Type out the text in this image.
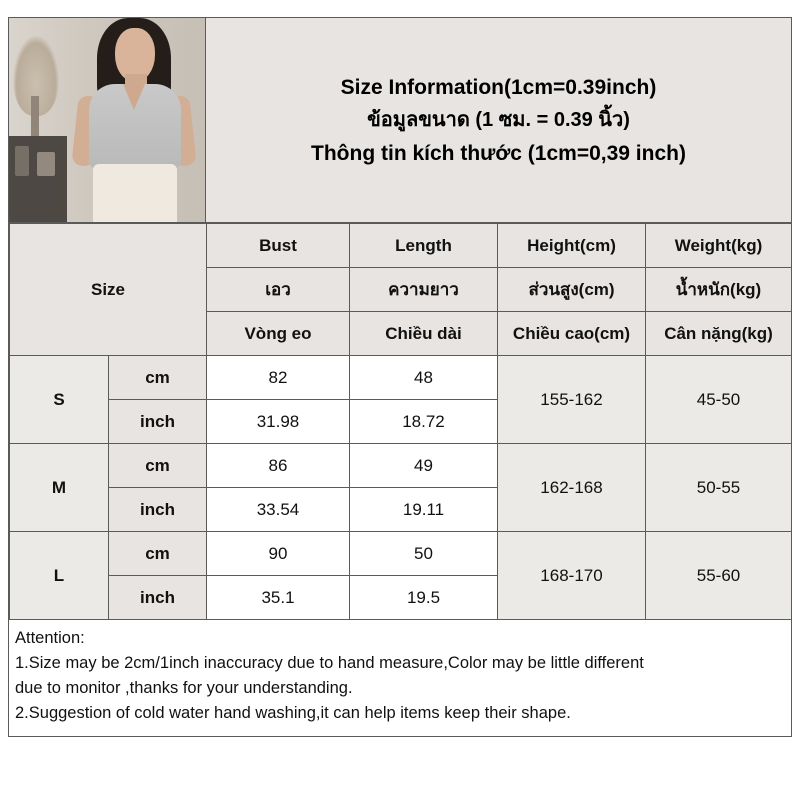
Size Information(1cm=0.39inch)
ข้อมูลขนาด (1 ซม. = 0.39 นิ้ว)
Thông tin kích thước (1cm=0,39 inch)
Size		Bust	Length	Height(cm)	Weight(kg)
		เอว	ความยาว	ส่วนสูง(cm)	น้ำหนัก(kg)
		Vòng eo	Chiều dài	Chiều cao(cm)	Cân nặng(kg)
S	cm	82	48	155-162	45-50
	inch	31.98	18.72		
M	cm	86	49	162-168	50-55
	inch	33.54	19.11		
L	cm	90	50	168-170	55-60
	inch	35.1	19.5		
Attention:
1.Size may be 2cm/1inch inaccuracy due to hand measure,Color may be little different
due to monitor ,thanks for your understanding.
2.Suggestion of cold water hand washing,it can help items keep their shape.
